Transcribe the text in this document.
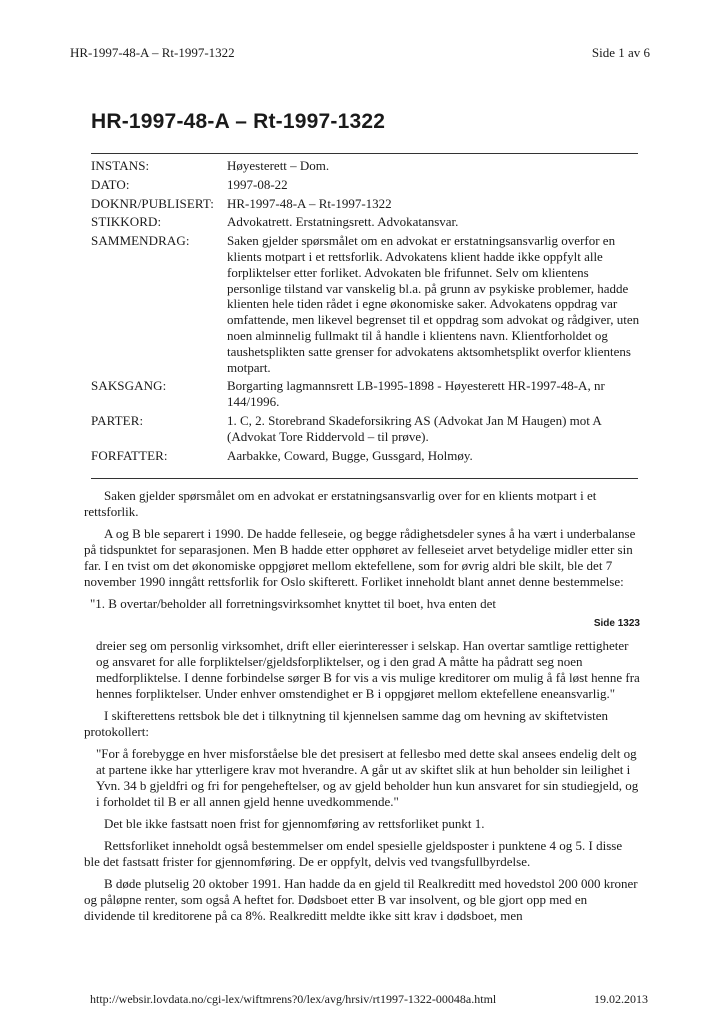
HR-1997-48-A – Rt-1997-1322	Side 1 av 6
HR-1997-48-A – Rt-1997-1322
INSTANS:	Høyesterett – Dom.
DATO:	1997-08-22
DOKNR/PUBLISERT:	HR-1997-48-A – Rt-1997-1322
STIKKORD:	Advokatrett. Erstatningsrett. Advokatansvar.
SAMMENDRAG:	Saken gjelder spørsmålet om en advokat er erstatningsansvarlig overfor en klients motpart i et rettsforlik. Advokatens klient hadde ikke oppfylt alle forpliktelser etter forliket. Advokaten ble frifunnet. Selv om klientens personlige tilstand var vanskelig bl.a. på grunn av psykiske problemer, hadde klienten hele tiden rådet i egne økonomiske saker. Advokatens oppdrag var omfattende, men likevel begrenset til et oppdrag som advokat og rådgiver, uten noen alminnelig fullmakt til å handle i klientens navn. Klientforholdet og taushetsplikten satte grenser for advokatens aktsomhetsplikt overfor klientens motpart.
SAKSGANG:	Borgarting lagmannsrett LB-1995-1898 - Høyesterett HR-1997-48-A, nr 144/1996.
PARTER:	1. C, 2. Storebrand Skadeforsikring AS (Advokat Jan M Haugen) mot A (Advokat Tore Riddervold – til prøve).
FORFATTER:	Aarbakke, Coward, Bugge, Gussgard, Holmøy.

Saken gjelder spørsmålet om en advokat er erstatningsansvarlig over for en klients motpart i et rettsforlik.

A og B ble separert i 1990. De hadde felleseie, og begge rådighetsdeler synes å ha vært i underbalanse på tidspunktet for separasjonen. Men B hadde etter opphøret av felleseiet arvet betydelige midler etter sin far. I en tvist om det økonomiske oppgjøret mellom ektefellene, som for øvrig aldri ble skilt, ble det 7 november 1990 inngått rettsforlik for Oslo skifterett. Forliket inneholdt blant annet denne bestemmelse:

"1. B overtar/beholder all forretningsvirksomhet knyttet til boet, hva enten det

Side 1323

dreier seg om personlig virksomhet, drift eller eierinteresser i selskap. Han overtar samtlige rettigheter og ansvaret for alle forpliktelser/gjeldsforpliktelser, og i den grad A måtte ha pådratt seg noen medforpliktelse. I denne forbindelse sørger B for vis a vis mulige kreditorer om mulig å få løst henne fra hennes forpliktelser. Under enhver omstendighet er B i oppgjøret mellom ektefellene eneansvarlig."

I skifterettens rettsbok ble det i tilknytning til kjennelsen samme dag om hevning av skiftetvisten protokollert:

"For å forebygge en hver misforståelse ble det presisert at fellesbo med dette skal ansees endelig delt og at partene ikke har ytterligere krav mot hverandre. A går ut av skiftet slik at hun beholder sin leilighet i Yvn. 34 b gjeldfri og fri for pengeheftelser, og av gjeld beholder hun kun ansvaret for sin studiegjeld, og i forholdet til B er all annen gjeld henne uvedkommende."

Det ble ikke fastsatt noen frist for gjennomføring av rettsforliket punkt 1.

Rettsforliket inneholdt også bestemmelser om endel spesielle gjeldsposter i punktene 4 og 5. I disse ble det fastsatt frister for gjennomføring. De er oppfylt, delvis ved tvangsfullbyrdelse.

B døde plutselig 20 oktober 1991. Han hadde da en gjeld til Realkreditt med hovedstol 200 000 kroner og påløpne renter, som også A heftet for. Dødsboet etter B var insolvent, og ble gjort opp med en dividende til kreditorene på ca 8%. Realkreditt meldte ikke sitt krav i dødsboet, men

http://websir.lovdata.no/cgi-lex/wiftmrens?0/lex/avg/hrsiv/rt1997-1322-00048a.html	19.02.2013
